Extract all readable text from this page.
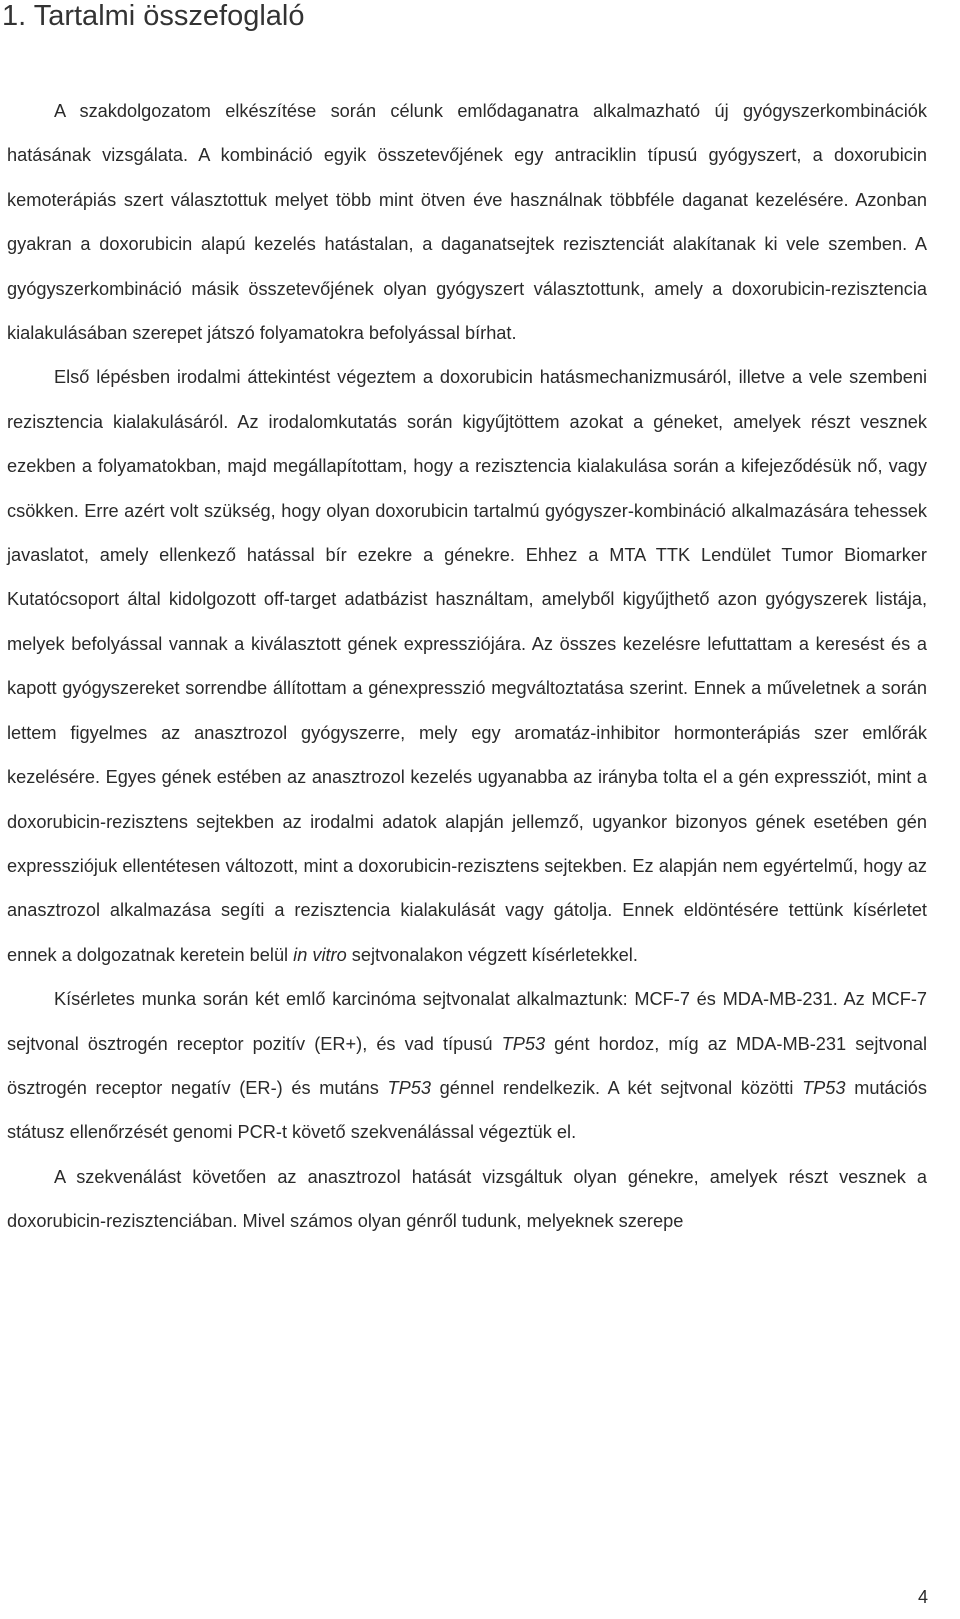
1. Tartalmi összefoglaló

A szakdolgozatom elkészítése során célunk emlődaganatra alkalmazható új gyógyszerkombinációk hatásának vizsgálata. A kombináció egyik összetevőjének egy antraciklin típusú gyógyszert, a doxorubicin kemoterápiás szert választottuk melyet több mint ötven éve használnak többféle daganat kezelésére. Azonban gyakran a doxorubicin alapú kezelés hatástalan, a daganatsejtek rezisztenciát alakítanak ki vele szemben. A gyógyszerkombináció másik összetevőjének olyan gyógyszert választottunk, amely a doxorubicin-rezisztencia kialakulásában szerepet játszó folyamatokra befolyással bírhat.

Első lépésben irodalmi áttekintést végeztem a doxorubicin hatásmechanizmusáról, illetve a vele szembeni rezisztencia kialakulásáról. Az irodalomkutatás során kigyűjtöttem azokat a géneket, amelyek részt vesznek ezekben a folyamatokban, majd megállapítottam, hogy a rezisztencia kialakulása során a kifejeződésük nő, vagy csökken. Erre azért volt szükség, hogy olyan doxorubicin tartalmú gyógyszer-kombináció alkalmazására tehessek javaslatot, amely ellenkező hatással bír ezekre a génekre. Ehhez a MTA TTK Lendület Tumor Biomarker Kutatócsoport által kidolgozott off-target adatbázist használtam, amelyből kigyűjthető azon gyógyszerek listája, melyek befolyással vannak a kiválasztott gének expressziójára. Az összes kezelésre lefuttattam a keresést és a kapott gyógyszereket sorrendbe állítottam a génexpresszió megváltoztatása szerint. Ennek a műveletnek a során lettem figyelmes az anasztrozol gyógyszerre, mely egy aromatáz-inhibitor hormonterápiás szer emlőrák kezelésére. Egyes gének estében az anasztrozol kezelés ugyanabba az irányba tolta el a gén expressziót, mint a doxorubicin-rezisztens sejtekben az irodalmi adatok alapján jellemző, ugyankor bizonyos gének esetében gén expressziójuk ellentétesen változott, mint a doxorubicin-rezisztens sejtekben. Ez alapján nem egyértelmű, hogy az anasztrozol alkalmazása segíti a rezisztencia kialakulását vagy gátolja. Ennek eldöntésére tettünk kísérletet ennek a dolgozatnak keretein belül in vitro sejtvonalakon végzett kísérletekkel.

Kísérletes munka során két emlő karcinóma sejtvonalat alkalmaztunk: MCF-7 és MDA-MB-231. Az MCF-7 sejtvonal ösztrogén receptor pozitív (ER+), és vad típusú TP53 gént hordoz, míg az MDA-MB-231 sejtvonal ösztrogén receptor negatív (ER-) és mutáns TP53 génnel rendelkezik. A két sejtvonal közötti TP53 mutációs státusz ellenőrzését genomi PCR-t követő szekvenálással végeztük el.

A szekvenálást követően az anasztrozol hatását vizsgáltuk olyan génekre, amelyek részt vesznek a doxorubicin-rezisztenciában. Mivel számos olyan génről tudunk, melyeknek szerepe

4
